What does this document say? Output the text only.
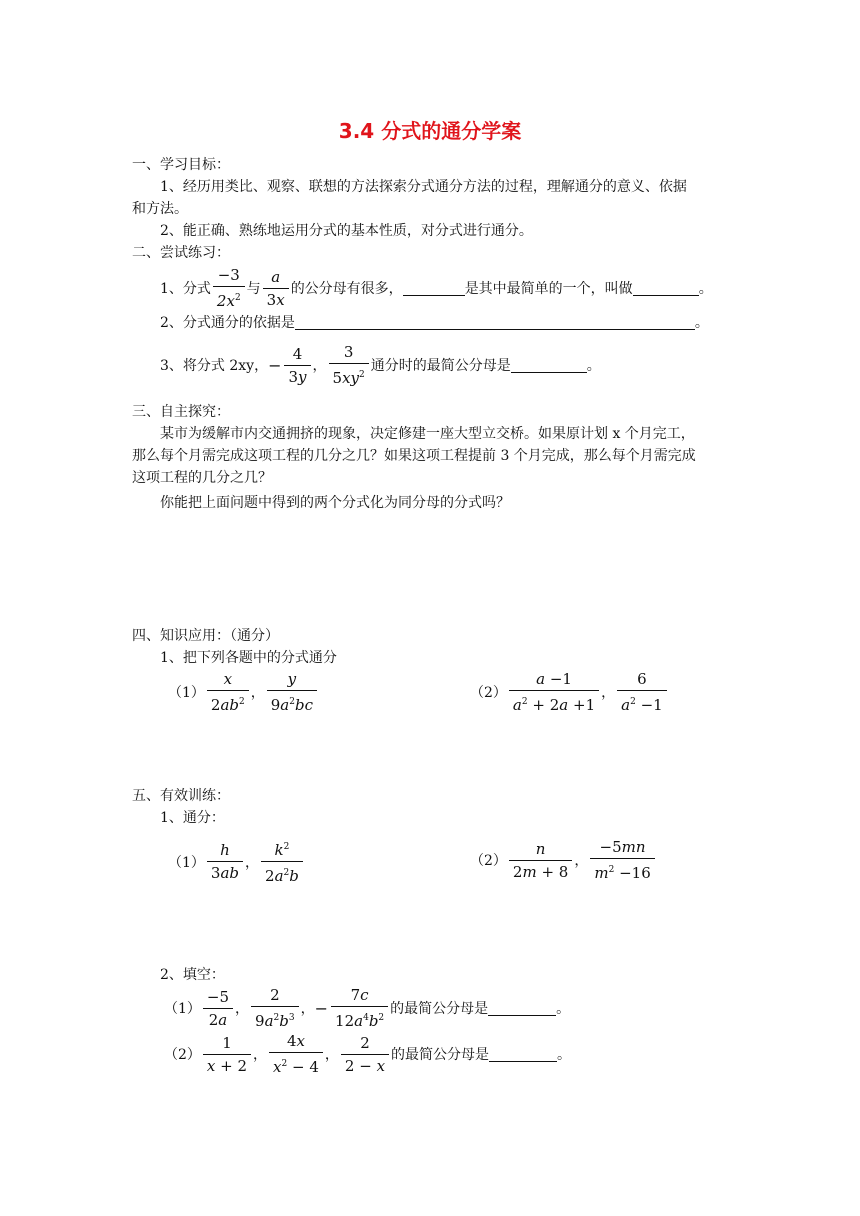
3.4 分式的通分学案
一、学习目标：
1、经历用类比、观察、联想的方法探索分式通分方法的过程，理解通分的意义、依据
和方法。
2、能正确、熟练地运用分式的基本性质，对分式进行通分。
二、尝试练习：
1、分式 $\frac{-3}{2x^2}$ 与 $\frac{a}{3x}$ 的公分母有很多，	是其中最简单的一个，叫做	。
2、分式通分的依据是	。
3、将分式 2xy， − $\frac{4}{3y}$ ， $\frac{3}{5xy^2}$ 通分时的最简公分母是	。
三、自主探究：
某市为缓解市内交通拥挤的现象，决定修建一座大型立交桥。如果原计划 x 个月完工，
那么每个月需完成这项工程的几分之几？如果这项工程提前 3 个月完成，那么每个月需完成
这项工程的几分之几？
你能把上面问题中得到的两个分式化为同分母的分式吗？
四、知识应用：（通分）
1、把下列各题中的分式通分
$(1) \frac{x}{2ab^2}$ ， $\frac{y}{9a^2bc}$	$(2) \frac{a -1}{a^2 + 2a +1}$ ， $\frac{6}{a^2 -1}$
五、有效训练：
1、通分：
$(1) \frac{h}{3ab}$ ， $\frac{k^2}{2a^2b}$	$(2) \frac{n}{2m + 8}$ ， $\frac{-5mn}{m^2 -16}$
2、填空：
$(1) \frac{-5}{2a}$ ， $\frac{2}{9a^2b^3}$ ， − $\frac{7c}{12a^4b^2}$ 的最简公分母是	。
$(2) \frac{1}{x + 2}$ ， $\frac{4x}{x^2 - 4}$ ， $\frac{2}{2 - x}$ 的最简公分母是	。
